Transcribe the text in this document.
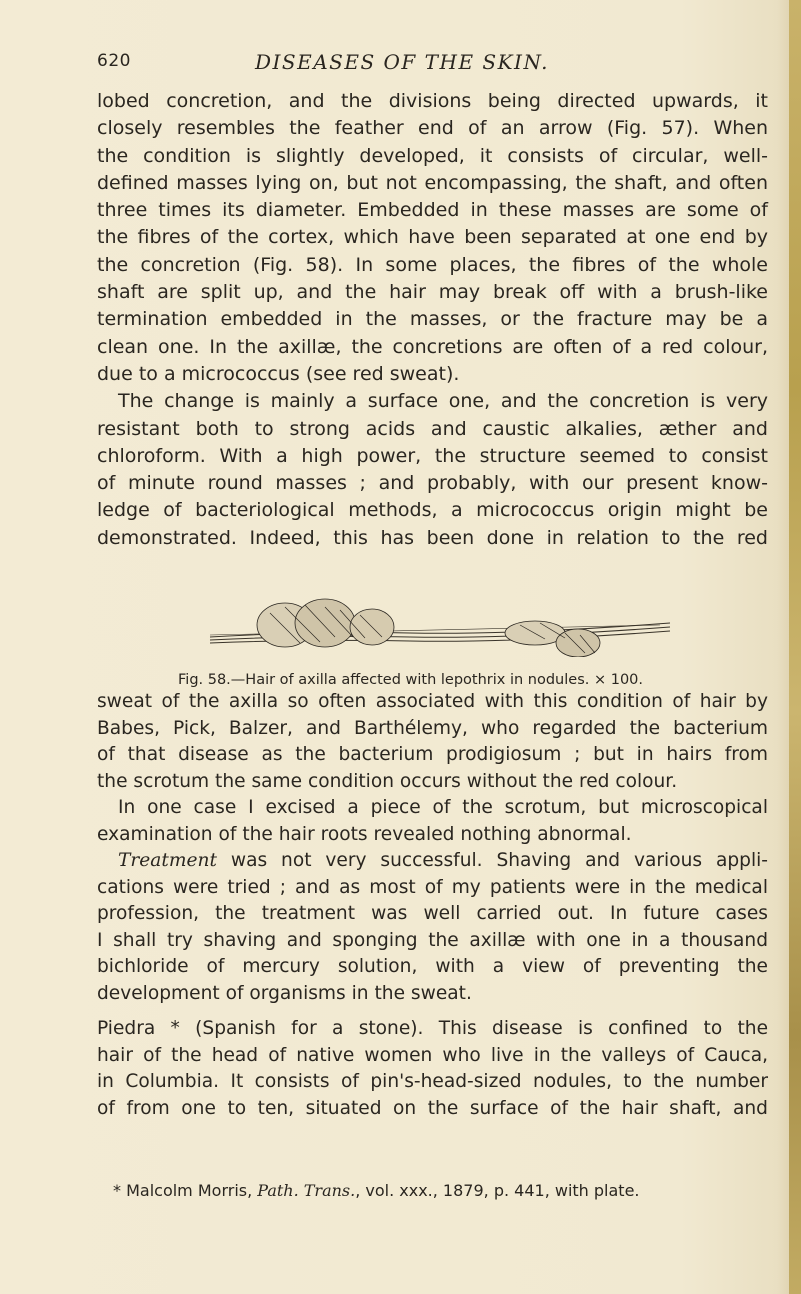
620	DISEASES OF THE SKIN.
lobed concretion, and the divisions being directed upwards, it
closely resembles the feather end of an arrow (Fig. 57). When
the condition is slightly developed, it consists of circular, well-
defined masses lying on, but not encompassing, the shaft, and often
three times its diameter. Embedded in these masses are some of
the fibres of the cortex, which have been separated at one end by
the concretion (Fig. 58). In some places, the fibres of the whole
shaft are split up, and the hair may break off with a brush-like
termination embedded in the masses, or the fracture may be a
clean one. In the axillæ, the concretions are often of a red colour,
due to a micrococcus (see red sweat).
The change is mainly a surface one, and the concretion is very
resistant both to strong acids and caustic alkalies, æther and
chloroform. With a high power, the structure seemed to consist
of minute round masses ; and probably, with our present know-
ledge of bacteriological methods, a micrococcus origin might be
demonstrated. Indeed, this has been done in relation to the red
Fig. 58.—Hair of axilla affected with lepothrix in nodules. × 100.
sweat of the axilla so often associated with this condition of hair by
Babes, Pick, Balzer, and Barthélemy, who regarded the bacterium
of that disease as the bacterium prodigiosum ; but in hairs from
the scrotum the same condition occurs without the red colour.
In one case I excised a piece of the scrotum, but microscopical
examination of the hair roots revealed nothing abnormal.
Treatment was not very successful. Shaving and various appli-
cations were tried ; and as most of my patients were in the medical
profession, the treatment was well carried out. In future cases
I shall try shaving and sponging the axillæ with one in a thousand
bichloride of mercury solution, with a view of preventing the
development of organisms in the sweat.
Piedra * (Spanish for a stone). This disease is confined to the
hair of the head of native women who live in the valleys of Cauca,
in Columbia. It consists of pin's-head-sized nodules, to the number
of from one to ten, situated on the surface of the hair shaft, and
* Malcolm Morris, Path. Trans., vol. xxx., 1879, p. 441, with plate.
